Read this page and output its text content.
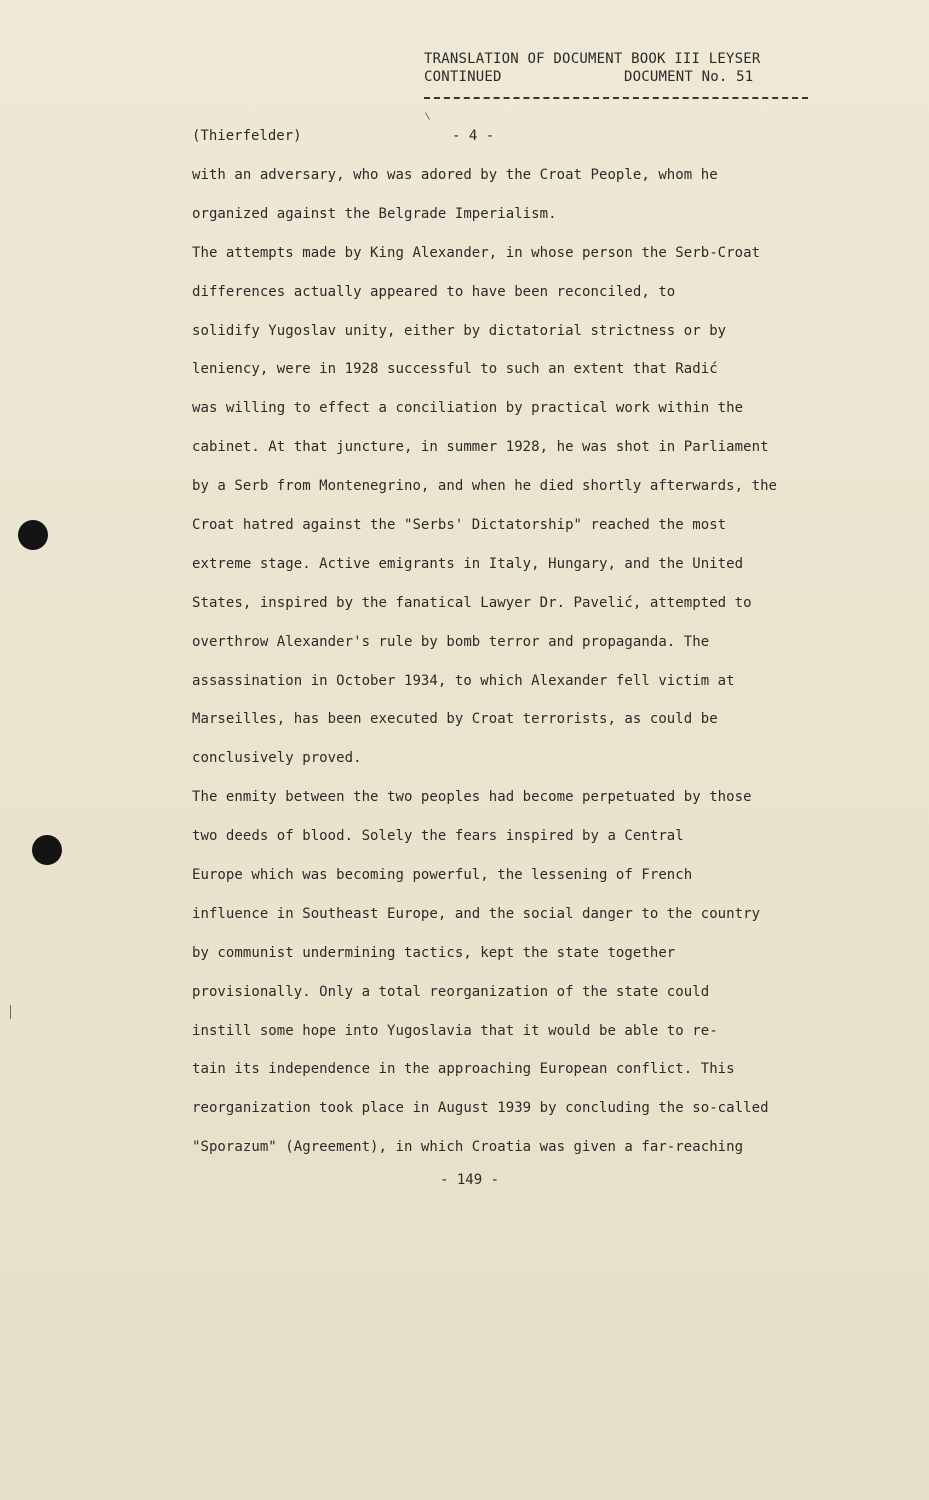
TRANSLATION OF DOCUMENT BOOK III LEYSER
CONTINUED	DOCUMENT No. 51
(Thierfelder)	- 4 -
with an adversary, who was adored by the Croat People, whom he
organized against the Belgrade Imperialism.
The attempts made by King Alexander, in whose person the Serb-Croat
differences actually appeared to have been reconciled, to
solidify Yugoslav unity, either by dictatorial strictness or by
leniency, were in 1928 successful to such an extent that Radić
was willing to effect a conciliation by practical work within the
cabinet. At that juncture, in summer 1928, he was shot in Parliament
by a Serb from Montenegrino, and when he died shortly afterwards, the
Croat hatred against the "Serbs' Dictatorship" reached the most
extreme stage. Active emigrants in Italy, Hungary, and the United
States, inspired by the fanatical Lawyer Dr. Pavelić, attempted to
overthrow Alexander's rule by bomb terror and propaganda. The
assassination in October 1934, to which Alexander fell victim at
Marseilles, has been executed by Croat terrorists, as could be
conclusively proved.
The enmity between the two peoples had become perpetuated by those
two deeds of blood. Solely the fears inspired by a Central
Europe which was becoming powerful, the lessening of French
influence in Southeast Europe, and the social danger to the country
by communist undermining tactics, kept the state together
provisionally. Only a total reorganization of the state could
instill some hope into Yugoslavia that it would be able to re-
tain its independence in the approaching European conflict. This
reorganization took place in August 1939 by concluding the so-called
"Sporazum" (Agreement), in which Croatia was given a far-reaching
- 149 -
